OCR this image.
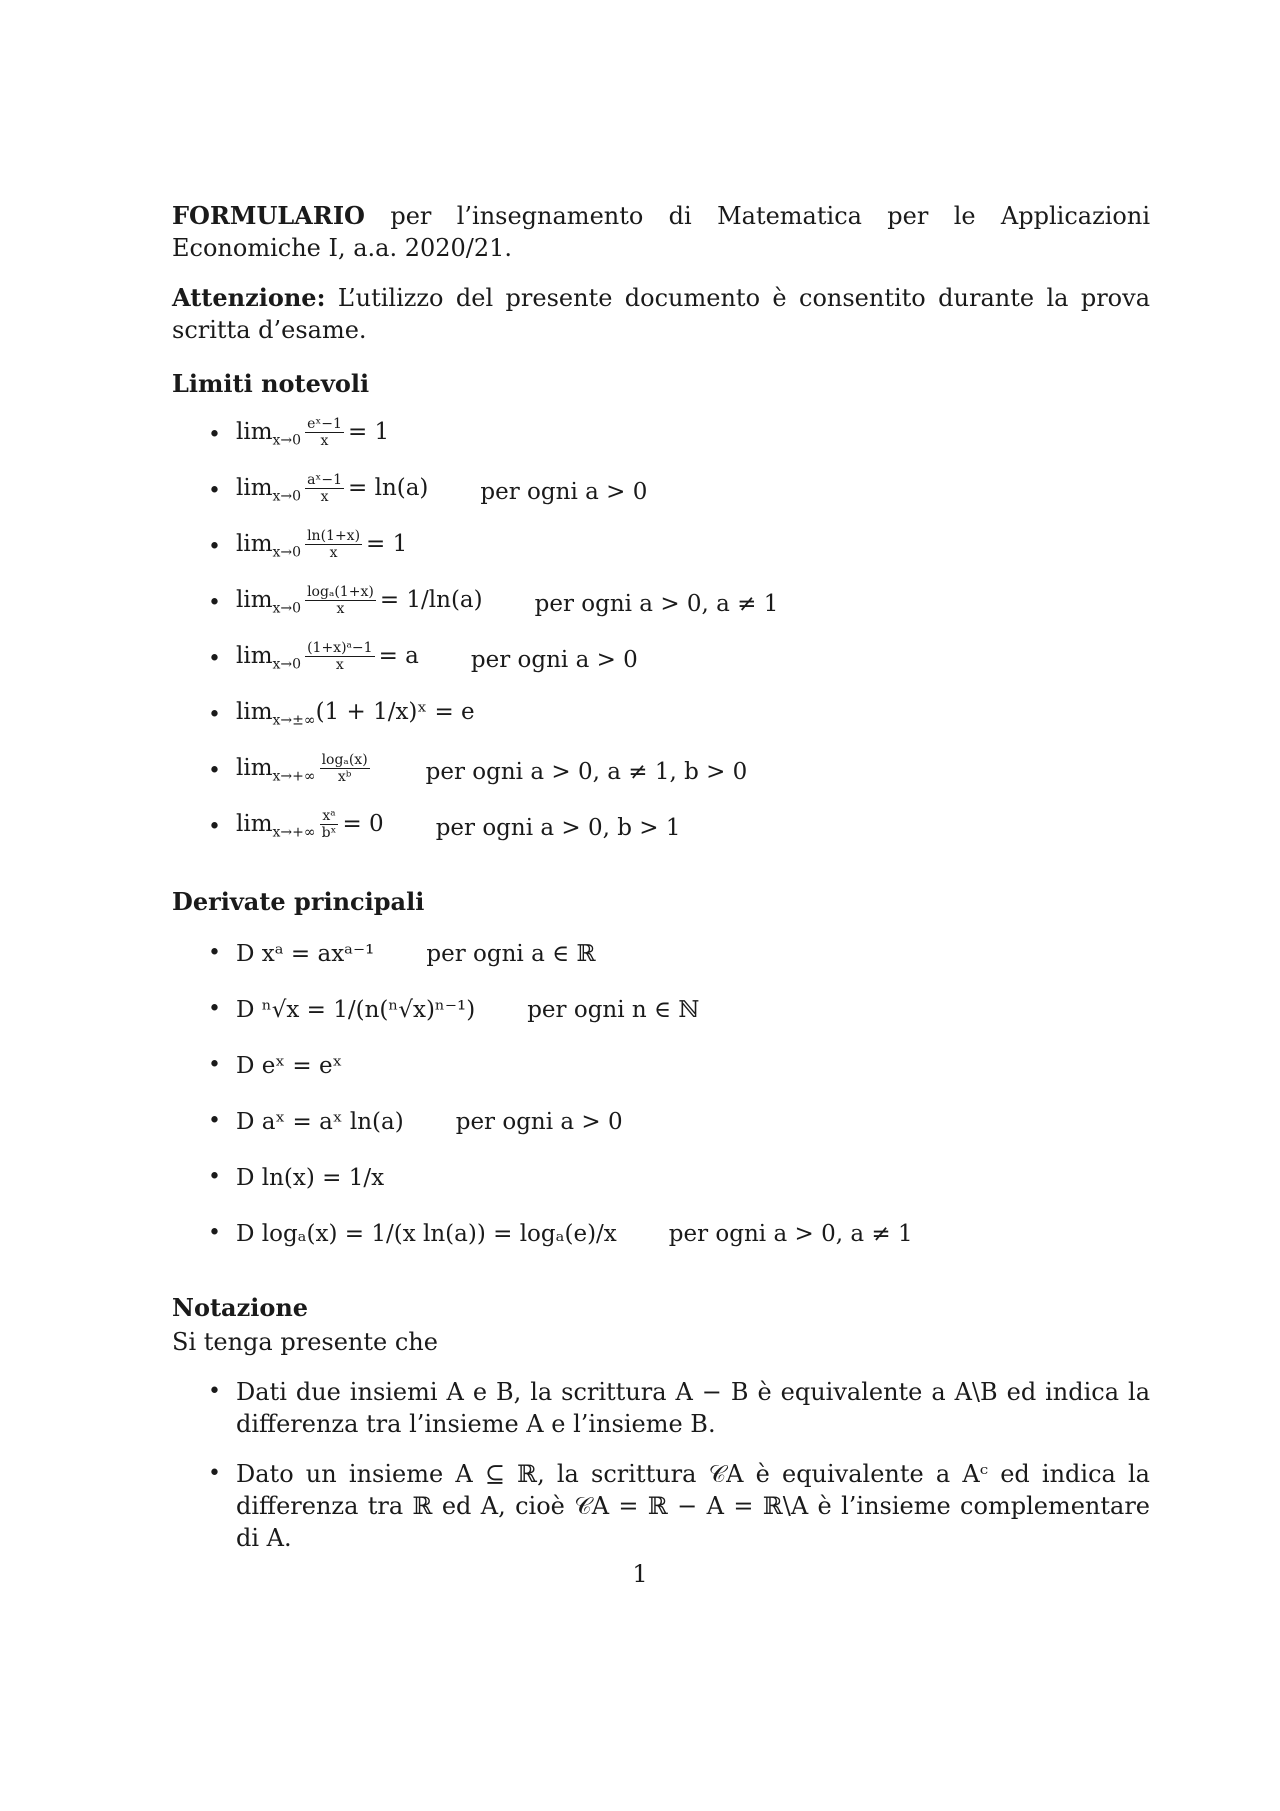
FORMULARIO per l’insegnamento di Matematica per le Applicazioni Economiche I, a.a. 2020/21.

Attenzione: L’utilizzo del presente documento è consentito durante la prova scritta d’esame.

Limiti notevoli
• $\lim_{x\to 0} \frac{\text{eˣ−1}}{x} = 1$
• $\lim_{x\to 0} \frac{\text{aˣ−1}}{x} = \ln(a)$ per ogni a > 0
• $\lim_{x\to 0} \frac{\ln(1+x)}{x} = 1$
• $\lim_{x\to 0} \frac{\text{logₐ(1+x)}}{x} = 1/\ln(a)$ per ogni a > 0, a ≠ 1
• $\lim_{x\to 0} \frac{\text{(1+x)ᵃ−1}}{x} = a$ per ogni a > 0
• $\lim_{x\to\pm\infty}(1$ + 1/x)ˣ = e
• $\lim_{x\to+\infty} \frac{\text{logₐ(x)}}{\text{xᵇ}}$ per ogni a > 0, a ≠ 1, b > 0
• $\lim_{x\to+\infty} \frac{\text{xᵃ}}{\text{bˣ}} = 0$ per ogni a > 0, b > 1
Derivate principali
• D xᵃ = axᵃ⁻¹ per ogni a ∈ ℝ
• D ⁿ√x = 1/(n(ⁿ√x)ⁿ⁻¹) per ogni n ∈ ℕ
• D eˣ = eˣ
• D aˣ = aˣ ln(a) per ogni a > 0
• D ln(x) = 1/x
• D logₐ(x) = 1/(x ln(a)) = logₐ(e)/x per ogni a > 0, a ≠ 1
Notazione
Si tenga presente che
• Dati due insiemi A e B, la scrittura A − B è equivalente a A\B ed indica la differenza tra l’insieme A e l’insieme B.
• Dato un insieme A ⊆ ℝ, la scrittura 𝒞A è equivalente a Aᶜ ed indica la differenza tra ℝ ed A, cioè 𝒞A = ℝ − A = ℝ\A è l’insieme complementare di A.
1
